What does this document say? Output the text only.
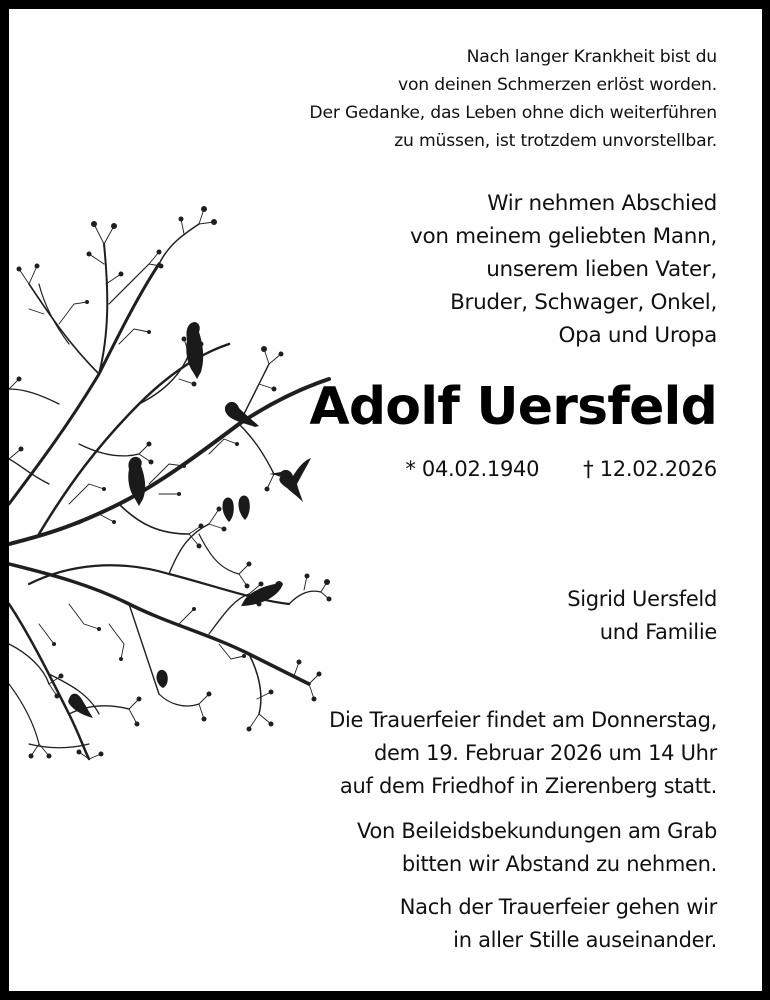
Nach langer Krankheit bist du
von deinen Schmerzen erlöst worden.
Der Gedanke, das Leben ohne dich weiterführen
zu müssen, ist trotzdem unvorstellbar.
Wir nehmen Abschied
von meinem geliebten Mann,
unserem lieben Vater,
Bruder, Schwager, Onkel,
Opa und Uropa
Adolf Uersfeld
* 04.02.1940 † 12.02.2026
Sigrid Uersfeld
und Familie
Die Trauerfeier findet am Donnerstag,
dem 19. Februar 2026 um 14 Uhr
auf dem Friedhof in Zierenberg statt.
Von Beileidsbekundungen am Grab
bitten wir Abstand zu nehmen.
Nach der Trauerfeier gehen wir
in aller Stille auseinander.
